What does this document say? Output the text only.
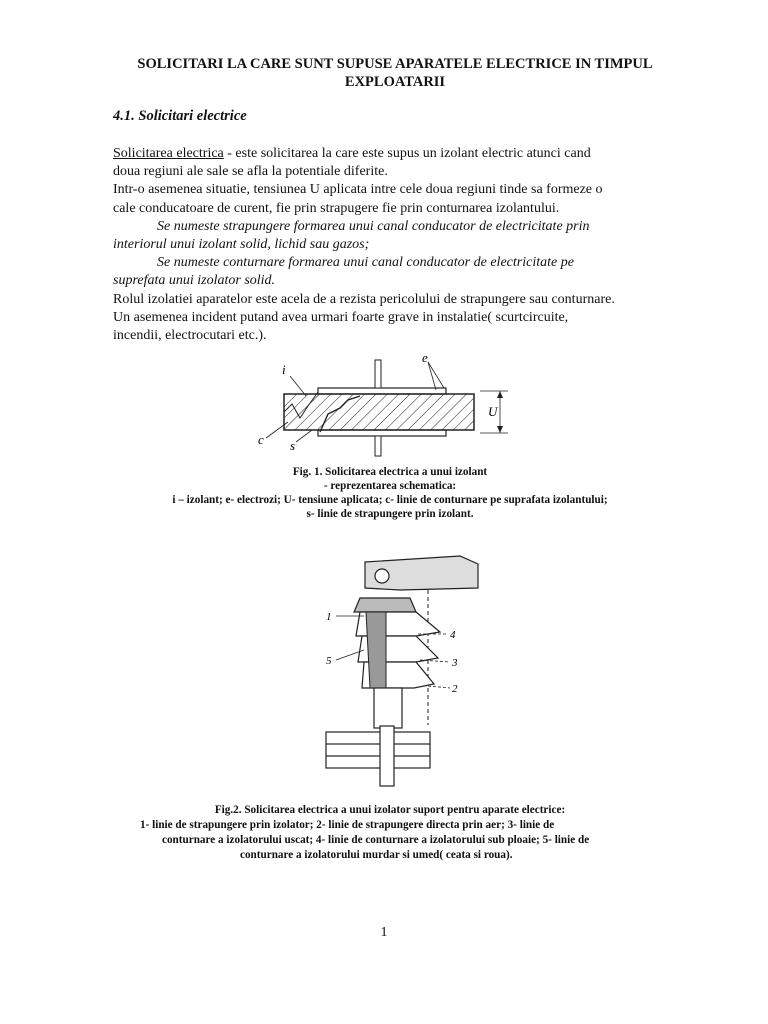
SOLICITARI LA CARE SUNT SUPUSE APARATELE ELECTRICE IN TIMPUL
EXPLOATARII
4.1. Solicitari electrice

Solicitarea electrica - este solicitarea la care este supus un izolant electric atunci cand

doua regiuni ale sale se afla la potentiale diferite.

Intr-o asemenea situatie, tensiunea U aplicata intre cele doua regiuni tinde sa formeze o

cale conducatoare de curent, fie prin strapugere fie prin conturnarea izolantului.

Se numeste strapungere formarea unui canal conducator de electricitate prin

interiorul unui izolant solid, lichid sau gazos;

Se numeste conturnare formarea unui canal conducator de electricitate pe

suprefata unui izolator solid.

Rolul izolatiei aparatelor este acela de a rezista pericolului de strapungere sau conturnare.

Un asemenea incident putand avea urmari foarte grave in instalatie( scurtcircuite,

incendii, electrocutari etc.).

i
e
c s
U
Fig. 1. Solicitarea electrica a unui izolant
- reprezentarea schematica:
i – izolant; e- electrozi; U- tensiune aplicata; c- linie de conturnare pe suprafata izolantului;
s- linie de strapungere prin izolant.
1
5
4
3
2
Fig.2. Solicitarea electrica a unui izolator suport pentru aparate electrice:
1- linie de strapungere prin izolator; 2- linie de strapungere directa prin aer; 3- linie de
conturnare a izolatorului uscat; 4- linie de conturnare a izolatorului sub ploaie; 5- linie de
conturnare a izolatorului murdar si umed( ceata si roua).
1
